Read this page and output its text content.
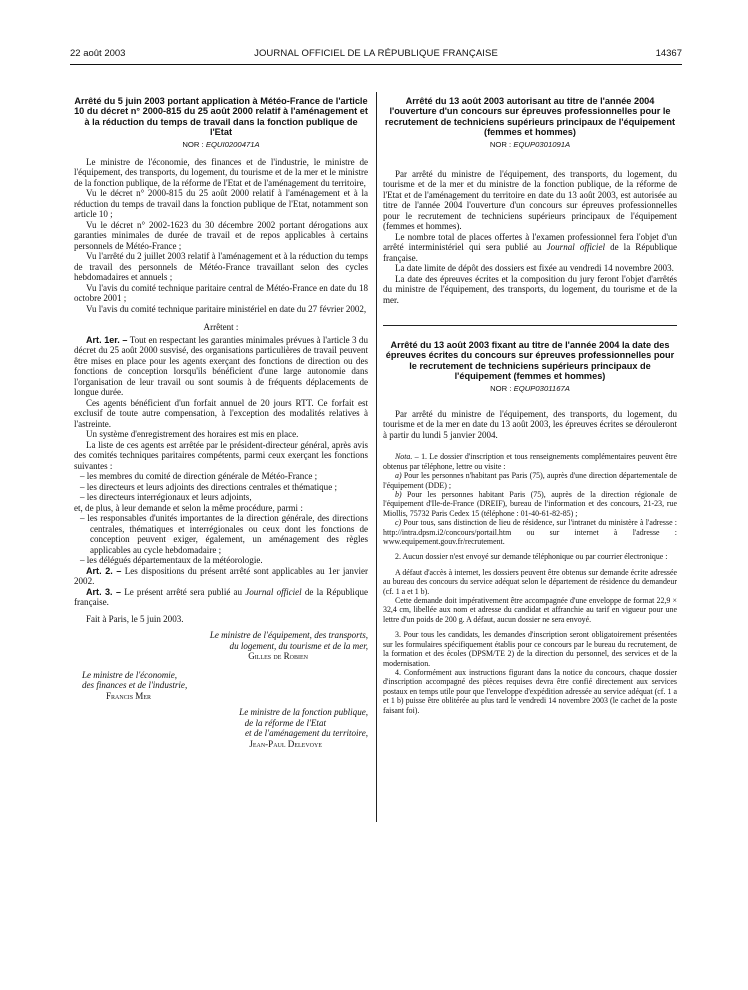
22 août 2003	JOURNAL OFFICIEL DE LA RÉPUBLIQUE FRANÇAISE	14367
Arrêté du 5 juin 2003 portant application à Météo-France de l'article 10 du décret n° 2000-815 du 25 août 2000 relatif à l'aménagement et à la réduction du temps de travail dans la fonction publique de l'Etat
NOR : EQUI0200471A

Le ministre de l'économie, des finances et de l'industrie, le ministre de l'équipement, des transports, du logement, du tourisme et de la mer et le ministre de la fonction publique, de la réforme de l'Etat et de l'aménagement du territoire,

Vu le décret n° 2000-815 du 25 août 2000 relatif à l'aménagement et à la réduction du temps de travail dans la fonction publique de l'Etat, notamment son article 10 ;

Vu le décret n° 2002-1623 du 30 décembre 2002 portant dérogations aux garanties minimales de durée de travail et de repos applicables à certains personnels de Météo-France ;

Vu l'arrêté du 2 juillet 2003 relatif à l'aménagement et à la réduction du temps de travail des personnels de Météo-France travaillant selon des cycles hebdomadaires et annuels ;

Vu l'avis du comité technique paritaire central de Météo-France en date du 18 octobre 2001 ;

Vu l'avis du comité technique paritaire ministériel en date du 27 février 2002,

Arrêtent :

Art. 1er. – Tout en respectant les garanties minimales prévues à l'article 3 du décret du 25 août 2000 susvisé, des organisations particulières de travail peuvent être mises en place pour les agents exerçant des fonctions de direction ou des fonctions de conception lorsqu'ils bénéficient d'une large autonomie dans l'organisation de leur travail ou sont soumis à de fréquents déplacements de longue durée.

Ces agents bénéficient d'un forfait annuel de 20 jours RTT. Ce forfait est exclusif de toute autre compensation, à l'exception des modalités relatives à l'astreinte.

Un système d'enregistrement des horaires est mis en place.

La liste de ces agents est arrêtée par le président-directeur général, après avis des comités techniques paritaires compétents, parmi ceux exerçant les fonctions suivantes :

– les membres du comité de direction générale de Météo-France ;

– les directeurs et leurs adjoints des directions centrales et thématique ;

– les directeurs interrégionaux et leurs adjoints,

et, de plus, à leur demande et selon la même procédure, parmi :

– les responsables d'unités importantes de la direction générale, des directions centrales, thématiques et interrégionales ou ceux dont les fonctions de conception peuvent exiger, également, un aménagement des règles applicables au cycle hebdomadaire ;

– les délégués départementaux de la météorologie.

Art. 2. – Les dispositions du présent arrêté sont applicables au 1er janvier 2002.

Art. 3. – Le présent arrêté sera publié au Journal officiel de la République française.

Fait à Paris, le 5 juin 2003.

Le ministre de l'équipement, des transports,
du logement, du tourisme et de la mer,
Gilles de Robien
Le ministre de l'économie,
des finances et de l'industrie,
Francis Mer
Le ministre de la fonction publique,
de la réforme de l'Etat
et de l'aménagement du territoire,
Jean-Paul Delevoye
Arrêté du 13 août 2003 autorisant au titre de l'année 2004 l'ouverture d'un concours sur épreuves professionnelles pour le recrutement de techniciens supérieurs principaux de l'équipement (femmes et hommes)
NOR : EQUP0301091A

Par arrêté du ministre de l'équipement, des transports, du logement, du tourisme et de la mer et du ministre de la fonction publique, de la réforme de l'Etat et de l'aménagement du territoire en date du 13 août 2003, est autorisée au titre de l'année 2004 l'ouverture d'un concours sur épreuves professionnelles pour le recrutement de techniciens supérieurs principaux de l'équipement (femmes et hommes).

Le nombre total de places offertes à l'examen professionnel fera l'objet d'un arrêté interministériel qui sera publié au Journal officiel de la République française.

La date limite de dépôt des dossiers est fixée au vendredi 14 novembre 2003.

La date des épreuves écrites et la composition du jury feront l'objet d'arrêtés du ministre de l'équipement, des transports, du logement, du tourisme et de la mer.

Arrêté du 13 août 2003 fixant au titre de l'année 2004 la date des épreuves écrites du concours sur épreuves professionnelles pour le recrutement de techniciens supérieurs principaux de l'équipement (femmes et hommes)
NOR : EQUP0301167A

Par arrêté du ministre de l'équipement, des transports, du logement, du tourisme et de la mer en date du 13 août 2003, les épreuves écrites se dérouleront à partir du lundi 5 janvier 2004.

Nota. – 1. Le dossier d'inscription et tous renseignements complémentaires peuvent être obtenus par téléphone, lettre ou visite :

a) Pour les personnes n'habitant pas Paris (75), auprès d'une direction départementale de l'équipement (DDE) ;

b) Pour les personnes habitant Paris (75), auprès de la direction régionale de l'équipement d'Ile-de-France (DREIF), bureau de l'information et des concours, 21-23, rue Miollis, 75732 Paris Cedex 15 (téléphone : 01-40-61-82-85) ;

c) Pour tous, sans distinction de lieu de résidence, sur l'intranet du ministère à l'adresse : http://intra.dpsm.i2/concours/portail.htm ou sur internet à l'adresse : www.equipement.gouv.fr/recrutement.

2. Aucun dossier n'est envoyé sur demande téléphonique ou par courrier électronique :

A défaut d'accès à internet, les dossiers peuvent être obtenus sur demande écrite adressée au bureau des concours du service adéquat selon le département de résidence du demandeur (cf. 1 a et 1 b).

Cette demande doit impérativement être accompagnée d'une enveloppe de format 22,9 × 32,4 cm, libellée aux nom et adresse du candidat et affranchie au tarif en vigueur pour une lettre d'un poids de 200 g. A défaut, aucun dossier ne sera envoyé.

3. Pour tous les candidats, les demandes d'inscription seront obligatoirement présentées sur les formulaires spécifiquement établis pour ce concours par le bureau du recrutement, de la formation et des écoles (DPSM/TE 2) de la direction du personnel, des services et de la modernisation.

4. Conformément aux instructions figurant dans la notice du concours, chaque dossier d'inscription accompagné des pièces requises devra être confié directement aux services postaux en temps utile pour que l'enveloppe d'expédition adressée au service adéquat (cf. 1 a et 1 b) puisse être oblitérée au plus tard le vendredi 14 novembre 2003 (le cachet de la poste faisant foi).
